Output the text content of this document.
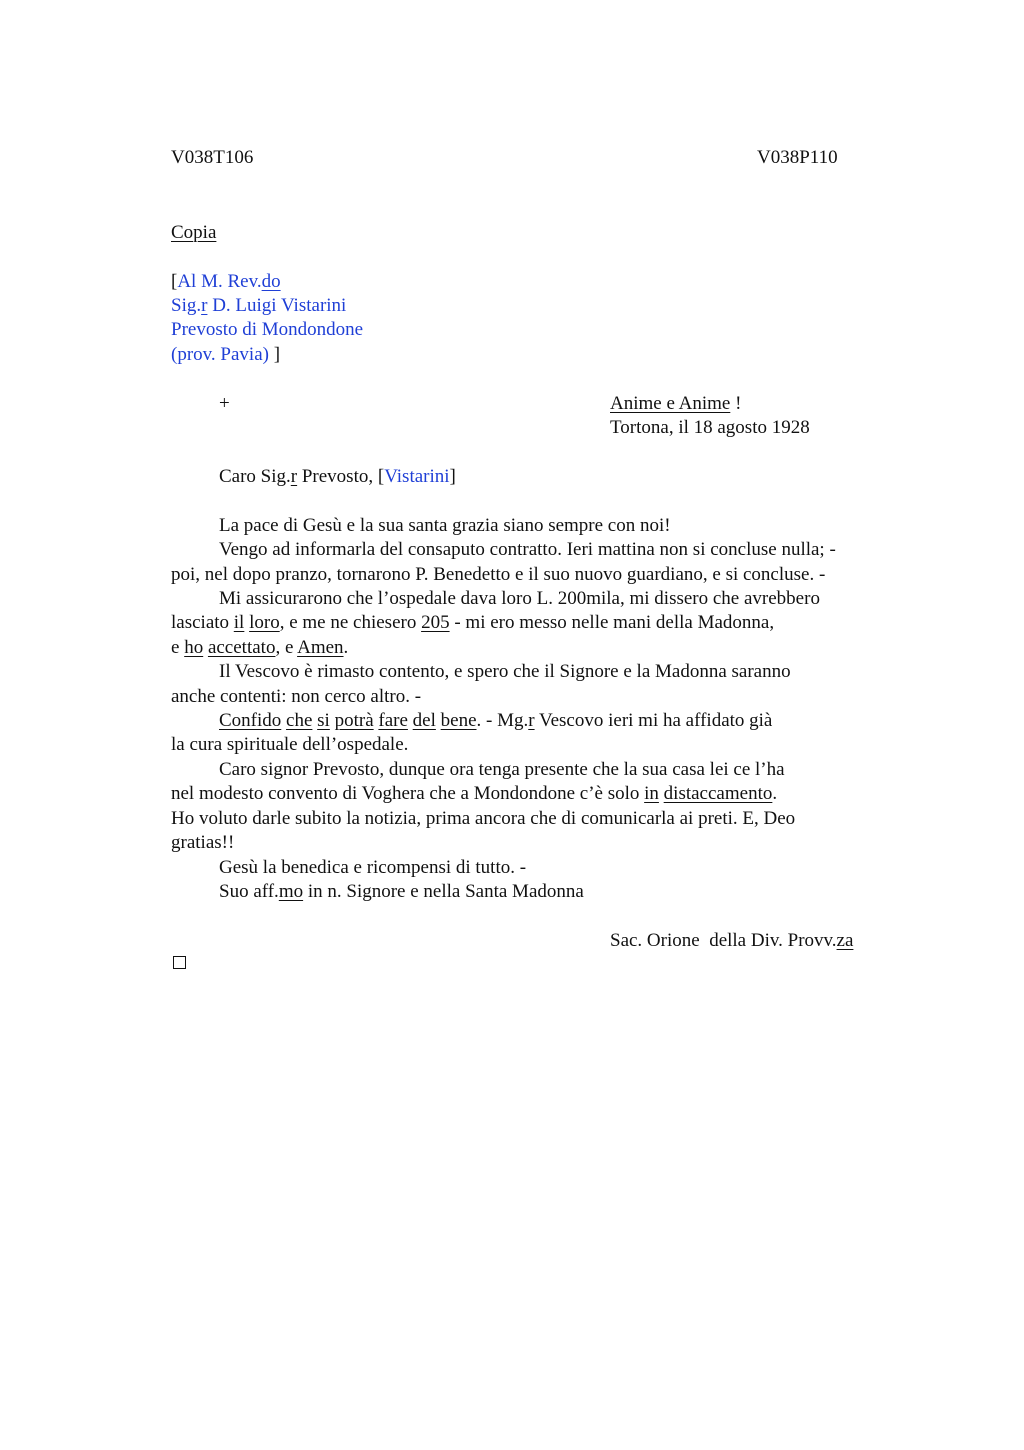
V038T106	V038P110
Copia
[Al M. Rev.do
Sig.r D. Luigi Vistarini
Prevosto di Mondondone
(prov. Pavia) ]
+	Anime e Anime !
Tortona, il 18 agosto 1928
Caro Sig.r Prevosto, [Vistarini]
La pace di Gesù e la sua santa grazia siano sempre con noi!
Vengo ad informarla del consaputo contratto. Ieri mattina non si concluse nulla; -
poi, nel dopo pranzo, tornarono P. Benedetto e il suo nuovo guardiano, e si concluse. -
Mi assicurarono che l’ospedale dava loro L. 200mila, mi dissero che avrebbero
lasciato il loro, e me ne chiesero 205 - mi ero messo nelle mani della Madonna,
e ho accettato, e Amen.
Il Vescovo è rimasto contento, e spero che il Signore e la Madonna saranno
anche contenti: non cerco altro. -
Confido che si potrà fare del bene. - Mg.r Vescovo ieri mi ha affidato già
la cura spirituale dell’ospedale.
Caro signor Prevosto, dunque ora tenga presente che la sua casa lei ce l’ha
nel modesto convento di Voghera che a Mondondone c’è solo in distaccamento.
Ho voluto darle subito la notizia, prima ancora che di comunicarla ai preti. E, Deo
gratias!!
Gesù la benedica e ricompensi di tutto. -
Suo aff.mo in n. Signore e nella Santa Madonna
Sac. Orione  della Div. Provv.za
